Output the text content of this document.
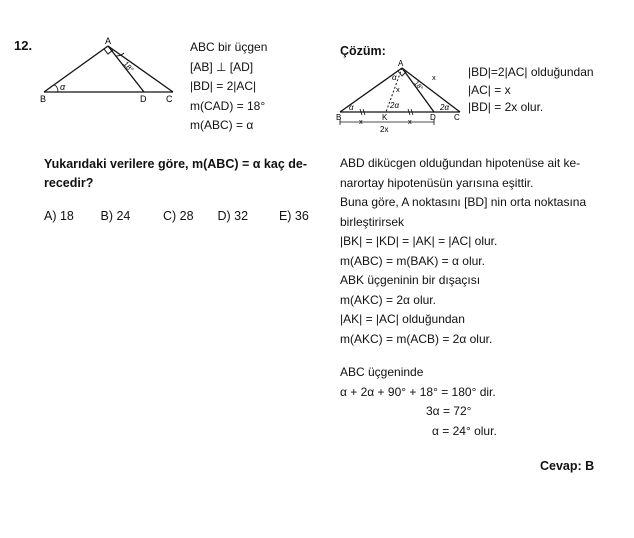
12.	A
B	D C
α
18°
ABC bir üçgen
[AB] ⊥ [AD]
|BD| = 2|AC|
m(CAD) = 18°
m(ABC) = α
Yukarıdaki verilere göre, m(ABC) = α kaç de-
recedir?
A) 18 B) 24	C) 28 D) 32 E) 36
Çözüm:
A
B	K	D C
α
α
2α	2α
x	x
x
x
2x
18°
|BD|=2|AC| olduğundan
|AC| = x
|BD| = 2x olur.
ABD dikücgen olduğundan hipotenüse ait ke-
narortay hipotenüsün yarısına eşittir.
Buna göre, A noktasını [BD] nin orta noktasına
birleştirirsek
|BK| = |KD| = |AK| = |AC| olur.
m(ABC) = m(BAK) = α olur.
ABK üçgeninin bir dışaçısı
m(AKC) = 2α olur.
|AK| = |AC| olduğundan
m(AKC) = m(ACB) = 2α olur.
ABC üçgeninde
α + 2α + 90° + 18° = 180° dir.
3α = 72°
α = 24° olur.
Cevap: B
